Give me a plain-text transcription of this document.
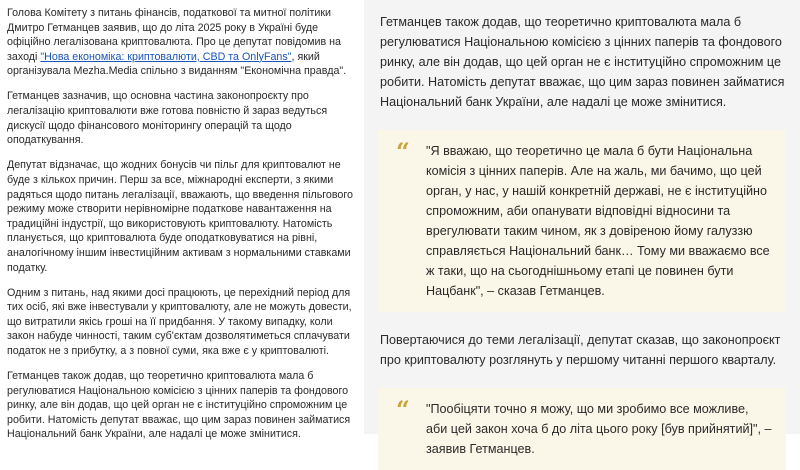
Голова Комітету з питань фінансів, податкової та митної політики Дмитро Гетманцев заявив, що до літа 2025 року в Україні буде офіційно легалізована криптовалюта. Про це депутат повідомив на заході "Нова економіка: криптовалюти, CBD та OnlyFans", який організувала Mezha.Media спільно з виданням "Економічна правда".

Гетманцев зазначив, що основна частина законопроєкту про легалізацію криптовалюти вже готова повністю й зараз ведуться дискусії щодо фінансового моніторингу операцій та щодо оподаткування.

Депутат відзначає, що жодних бонусів чи пільг для криптовалют не буде з кількох причин. Перш за все, міжнародні експерти, з якими радяться щодо питань легалізації, вважають, що введення пільгового режиму може створити нерівномірне податкове навантаження на традиційні індустрії, що використовують криптовалюту. Натомість планується, що криптовалюта буде оподатковуватися на рівні, аналогічному іншим інвестиційним активам з нормальними ставками податку.

Одним з питань, над якими досі працюють, це перехідний період для тих осіб, які вже інвестували у криптовалюту, але не можуть довести, що витратили якісь гроші на її придбання. У такому випадку, коли закон набуде чинності, таким суб'єктам дозволятиметься сплачувати податок не з прибутку, а з повної суми, яка вже є у криптовалюті.

Гетманцев також додав, що теоретично криптовалюта мала б регулюватися Національною комісією з цінних паперів та фондового ринку, але він додав, що цей орган не є інституційно спроможним це робити. Натомість депутат вважає, що цим зараз повинен займатися Національний банк України, але надалі це може змінитися.

Гетманцев також додав, що теоретично криптовалюта мала б регулюватися Національною комісією з цінних паперів та фондового ринку, але він додав, що цей орган не є інституційно спроможним це робити. Натомість депутат вважає, що цим зараз повинен займатися Національний банк України, але надалі це може змінитися.

“ "Я вважаю, що теоретично це мала б бути Національна комісія з цінних паперів. Але на жаль, ми бачимо, що цей орган, у нас, у нашій конкретній державі, не є інституційно спроможним, аби опанувати відповідні відносини та врегулювати таким чином, як з довіреною йому галуззю справляється Національний банк… Тому ми вважаємо все ж таки, що на сьогоднішньому етапі це повинен бути Нацбанк", – сказав Гетманцев.

Повертаючися до теми легалізації, депутат сказав, що законопроєкт про криптовалюту розглянуть у першому читанні першого кварталу.

“ "Пообіцяти точно я можу, що ми зробимо все можливе, аби цей закон хоча б до літа цього року [був прийнятий]", – заявив Гетманцев.
